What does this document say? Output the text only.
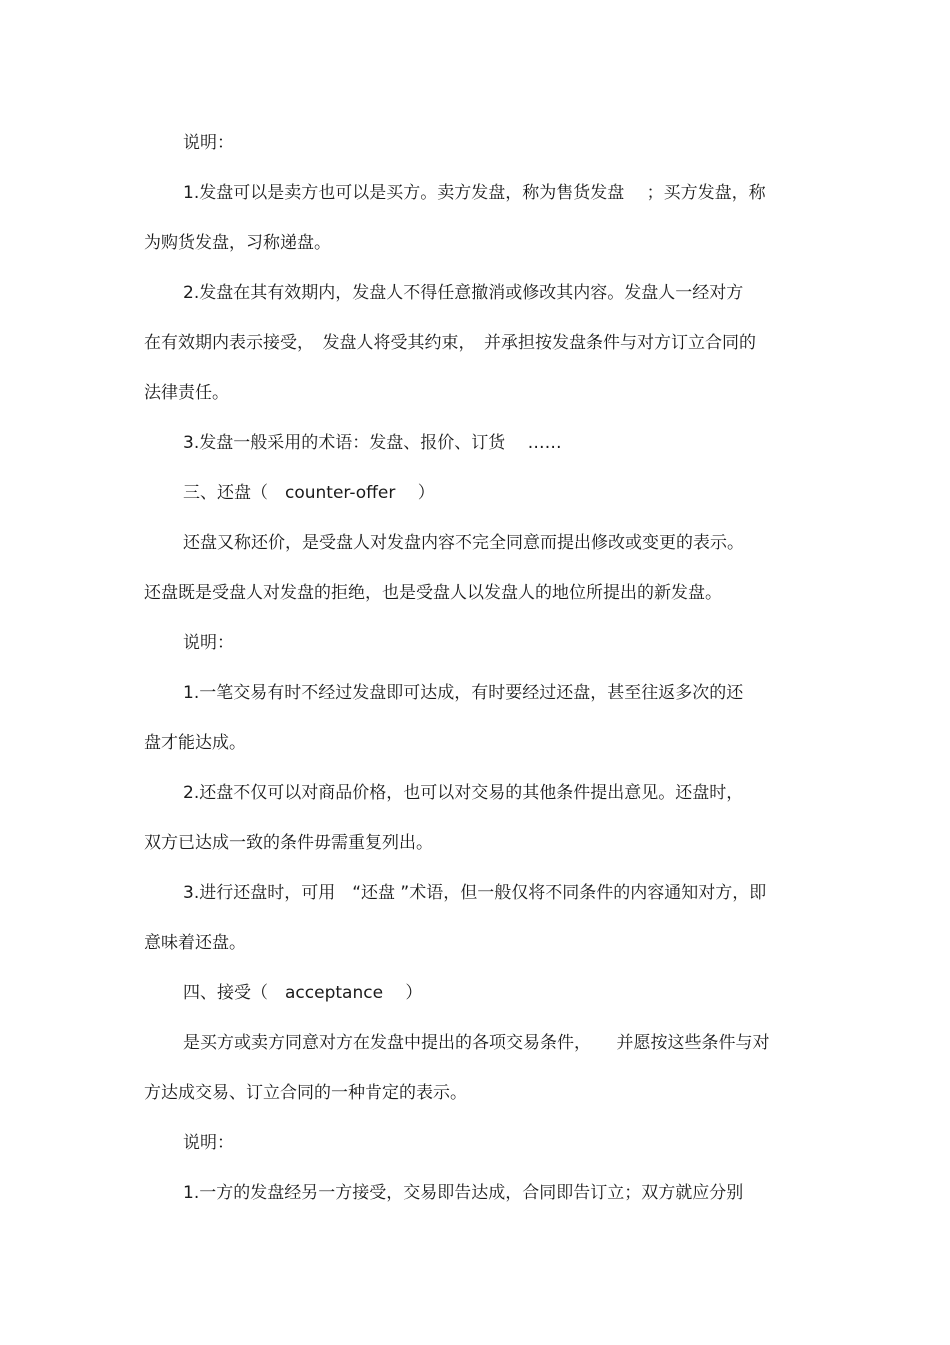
说明：

1.发盘可以是卖方也可以是买方。卖方发盘，称为售货发盘　 ；买方发盘，称

为购货发盘，习称递盘。

2.发盘在其有效期内，发盘人不得任意撤消或修改其内容。发盘人一经对方

在有效期内表示接受，　发盘人将受其约束，　并承担按发盘条件与对方订立合同的

法律责任。

3.发盘一般采用的术语：发盘、报价、订货　 ……

三、还盘（　counter-offer　 ）

还盘又称还价，是受盘人对发盘内容不完全同意而提出修改或变更的表示。

还盘既是受盘人对发盘的拒绝，也是受盘人以发盘人的地位所提出的新发盘。

说明：

1.一笔交易有时不经过发盘即可达成，有时要经过还盘，甚至往返多次的还

盘才能达成。

2.还盘不仅可以对商品价格，也可以对交易的其他条件提出意见。还盘时，

双方已达成一致的条件毋需重复列出。

3.进行还盘时，可用　“还盘 ”术语，但一般仅将不同条件的内容通知对方，即

意味着还盘。

四、接受（　acceptance　 ）

是买方或卖方同意对方在发盘中提出的各项交易条件，　　并愿按这些条件与对

方达成交易、订立合同的一种肯定的表示。

说明：

1.一方的发盘经另一方接受，交易即告达成，合同即告订立；双方就应分别
